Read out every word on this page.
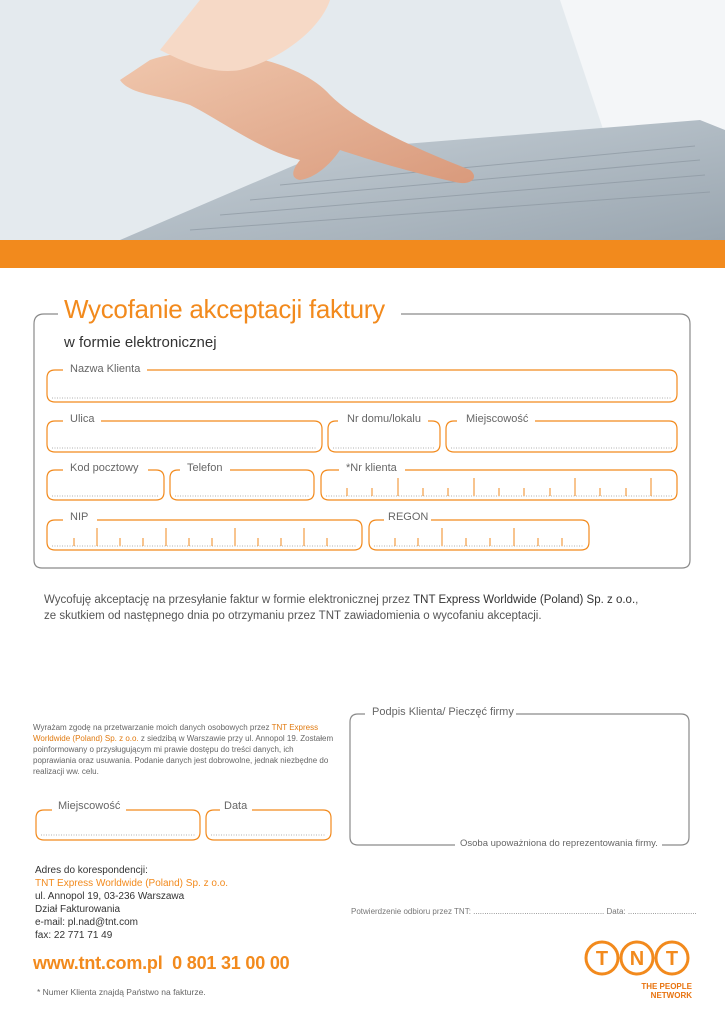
Wycofanie akceptacji faktury
w formie elektronicznej
Nazwa Klienta
Ulica	Nr domu/lokalu	Miejscowość
Kod pocztowy	Telefon	*Nr klienta
NIP	REGON
Wycofuję akceptację na przesyłanie faktur w formie elektronicznej przez TNT Express Worldwide (Poland) Sp. z o.o.,
ze skutkiem od następnego dnia po otrzymaniu przez TNT zawiadomienia o wycofaniu akceptacji.
Wyrażam zgodę na przetwarzanie moich danych osobowych przez TNT Express Worldwide (Poland) Sp. z o.o. z siedzibą w Warszawie przy ul. Annopol 19. Zostałem poinformowany o przysługującym mi prawie dostępu do treści danych, ich poprawiania oraz usuwania. Podanie danych jest dobrowolne, jednak niezbędne do realizacji ww. celu.
Miejscowość	Data
Podpis Klienta/ Pieczęć firmy
Osoba upoważniona do reprezentowania firmy.
Potwierdzenie odbioru przez TNT: ........................................................... Data: ...............................
Adres do korespondencji:
TNT Express Worldwide (Poland) Sp. z o.o.
ul. Annopol 19, 03-236 Warszawa
Dział Fakturowania
e-mail: pl.nad@tnt.com
fax: 22 771 71 49
www.tnt.com.pl 0 801 31 00 00
* Numer Klienta znajdą Państwo na fakturze.
T N T
THE PEOPLE
NETWORK
